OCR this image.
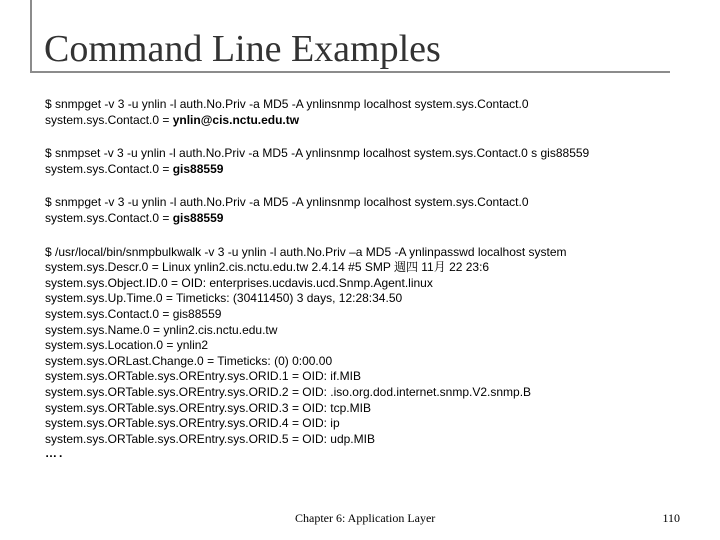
Command Line Examples
$ snmpget -v 3 -u ynlin -l auth.No.Priv -a MD5 -A ynlinsnmp localhost system.sys.Contact.0
system.sys.Contact.0 = ynlin@cis.nctu.edu.tw
$ snmpset -v 3 -u ynlin -l auth.No.Priv -a MD5 -A ynlinsnmp localhost system.sys.Contact.0 s gis88559
system.sys.Contact.0 = gis88559
$ snmpget -v 3 -u ynlin -l auth.No.Priv -a MD5 -A ynlinsnmp localhost system.sys.Contact.0
system.sys.Contact.0 = gis88559
$ /usr/local/bin/snmpbulkwalk -v 3 -u ynlin -l auth.No.Priv –a MD5 -A ynlinpasswd localhost system
system.sys.Descr.0 = Linux ynlin2.cis.nctu.edu.tw 2.4.14 #5 SMP 週四 11月 22 23:6
system.sys.Object.ID.0 = OID: enterprises.ucdavis.ucd.Snmp.Agent.linux
system.sys.Up.Time.0 = Timeticks: (30411450) 3 days, 12:28:34.50
system.sys.Contact.0 = gis88559
system.sys.Name.0 = ynlin2.cis.nctu.edu.tw
system.sys.Location.0 = ynlin2
system.sys.ORLast.Change.0 = Timeticks: (0) 0:00.00
system.sys.ORTable.sys.OREntry.sys.ORID.1 = OID: if.MIB
system.sys.ORTable.sys.OREntry.sys.ORID.2 = OID: .iso.org.dod.internet.snmp.V2.snmp.B
system.sys.ORTable.sys.OREntry.sys.ORID.3 = OID: tcp.MIB
system.sys.ORTable.sys.OREntry.sys.ORID.4 = OID: ip
system.sys.ORTable.sys.OREntry.sys.ORID.5 = OID: udp.MIB
….
Chapter 6: Application Layer	110
